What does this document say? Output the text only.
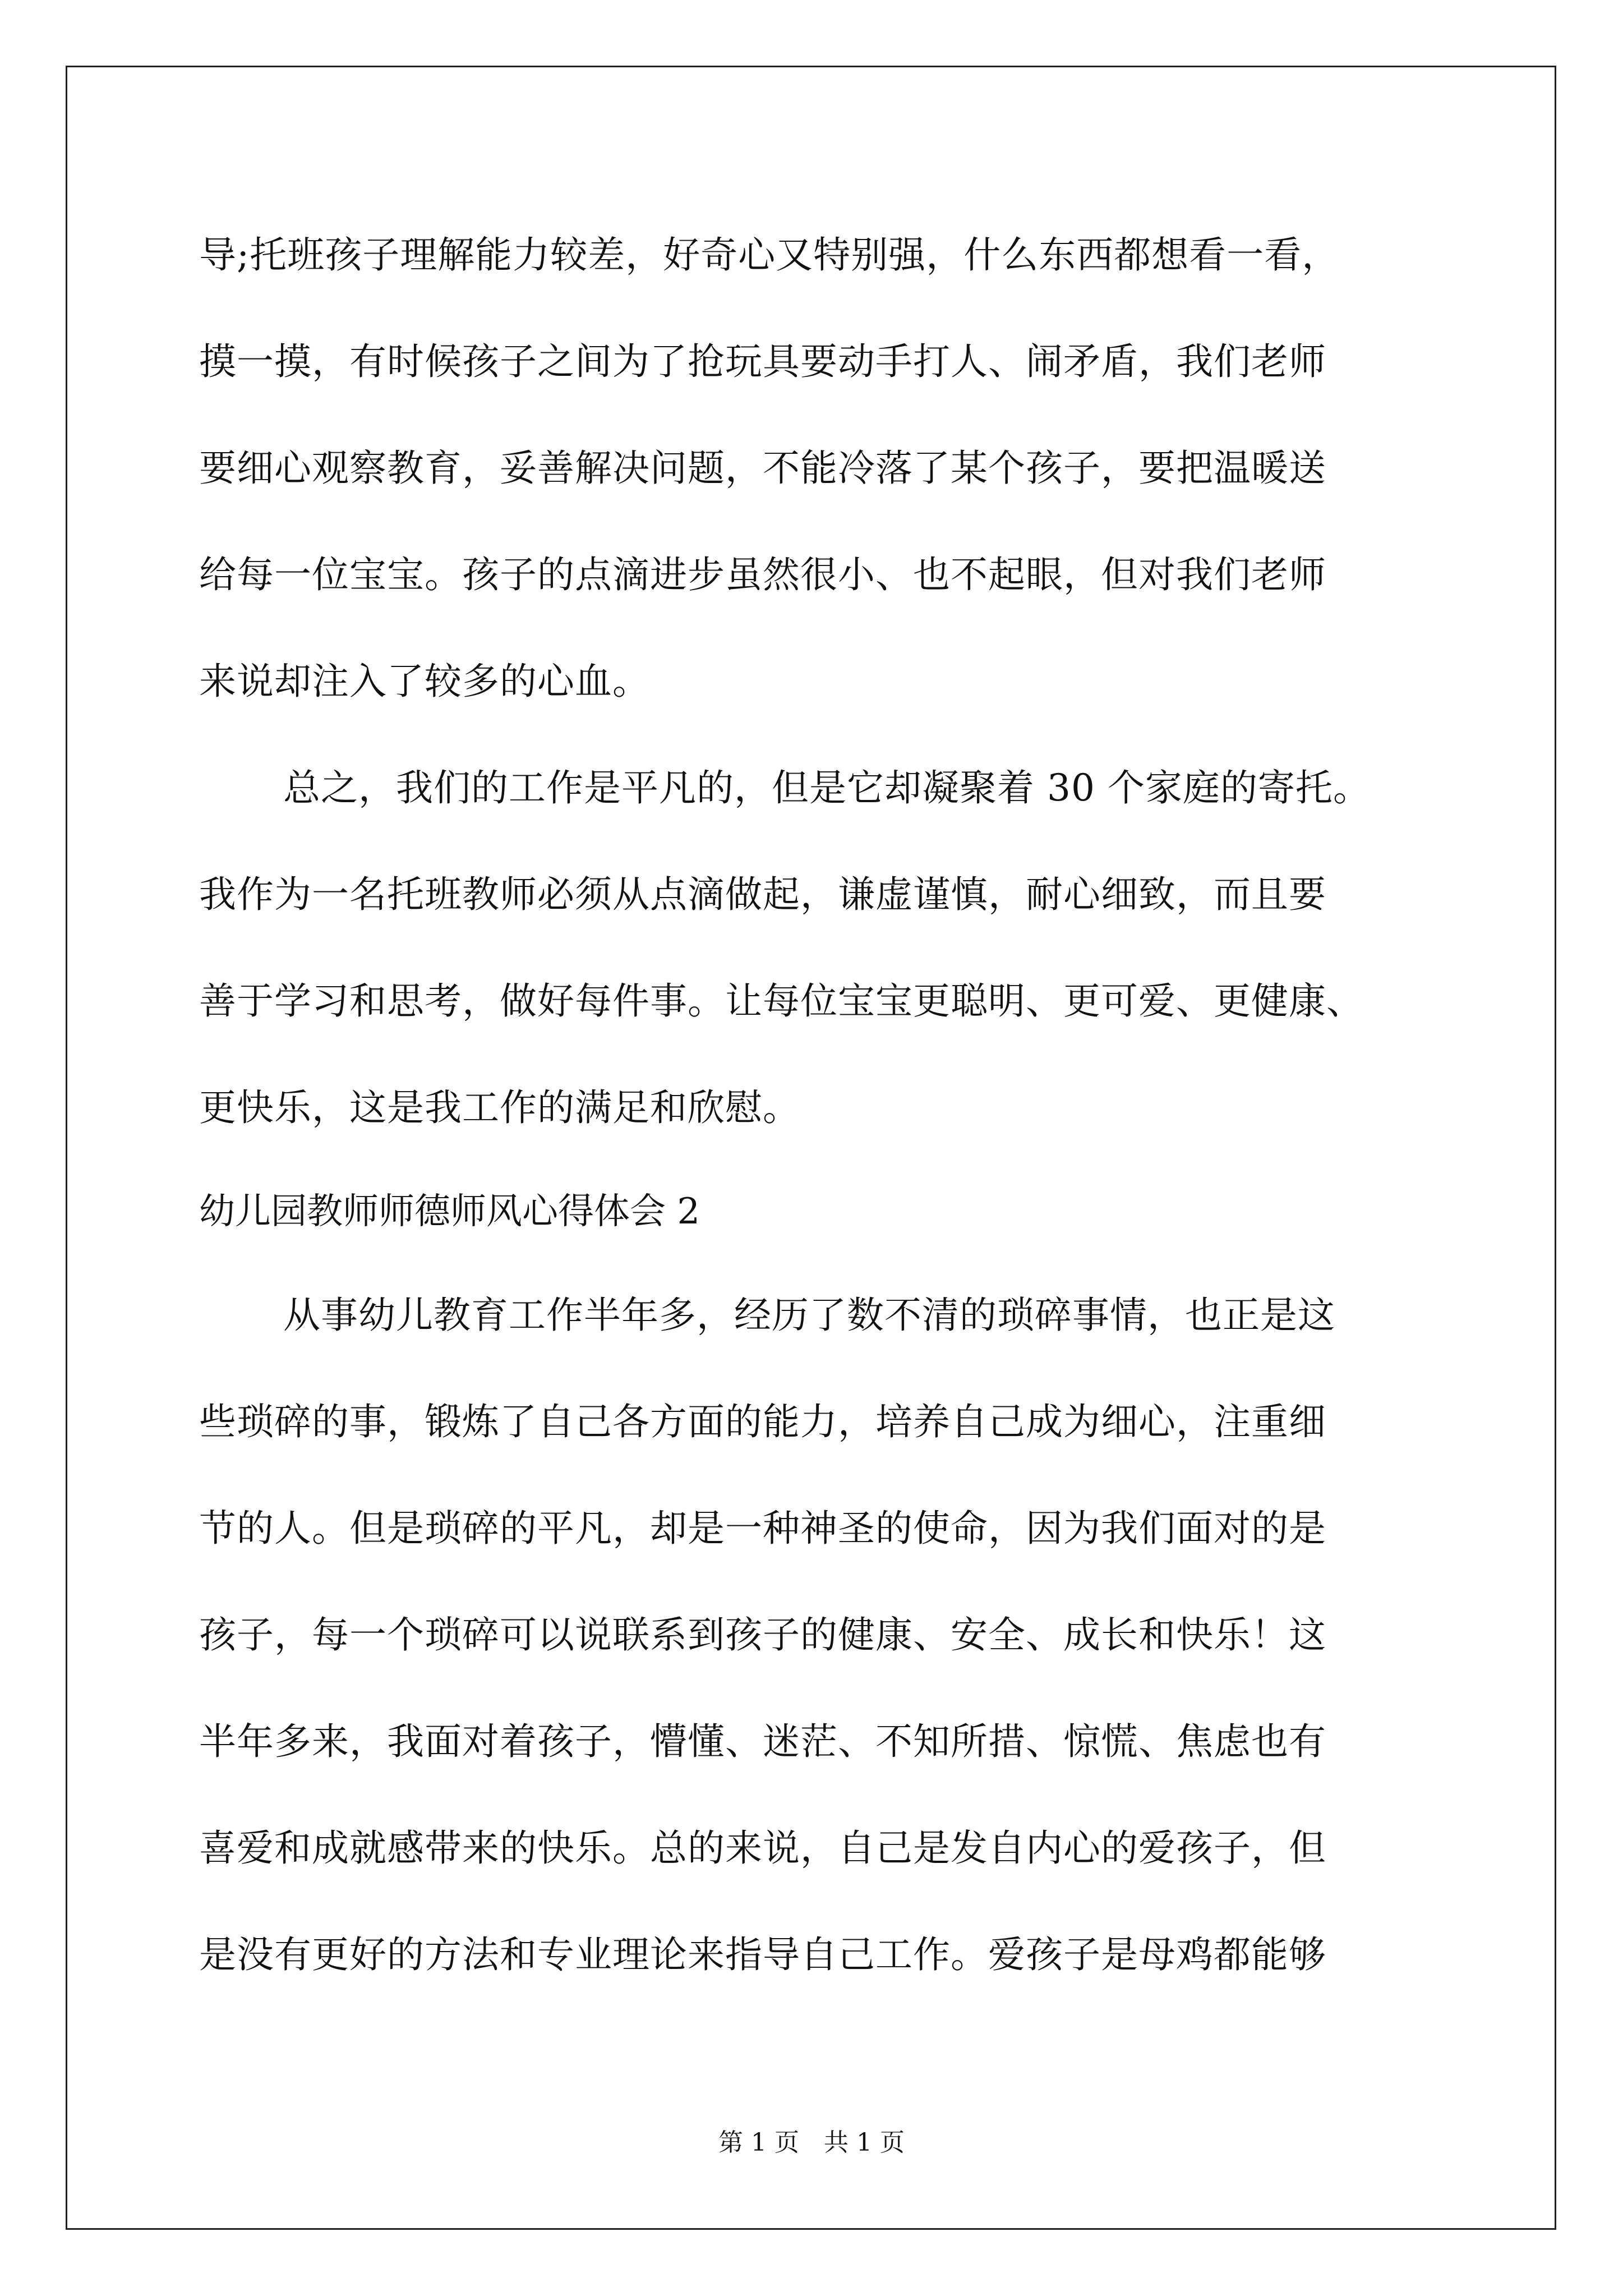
导;托班孩子理解能力较差，好奇心又特别强，什么东西都想看一看，
摸一摸，有时候孩子之间为了抢玩具要动手打人、闹矛盾，我们老师
要细心观察教育，妥善解决问题，不能冷落了某个孩子，要把温暖送
给每一位宝宝。孩子的点滴进步虽然很小、也不起眼，但对我们老师
来说却注入了较多的心血。
总之，我们的工作是平凡的，但是它却凝聚着 30 个家庭的寄托。
我作为一名托班教师必须从点滴做起，谦虚谨慎，耐心细致，而且要
善于学习和思考，做好每件事。让每位宝宝更聪明、更可爱、更健康、
更快乐，这是我工作的满足和欣慰。
幼儿园教师师德师风心得体会 2
从事幼儿教育工作半年多，经历了数不清的琐碎事情，也正是这
些琐碎的事，锻炼了自己各方面的能力，培养自己成为细心，注重细
节的人。但是琐碎的平凡，却是一种神圣的使命，因为我们面对的是
孩子，每一个琐碎可以说联系到孩子的健康、安全、成长和快乐！这
半年多来，我面对着孩子，懵懂、迷茫、不知所措、惊慌、焦虑也有
喜爱和成就感带来的快乐。总的来说，自己是发自内心的爱孩子，但
是没有更好的方法和专业理论来指导自己工作。爱孩子是母鸡都能够
第 1 页　共 1 页
